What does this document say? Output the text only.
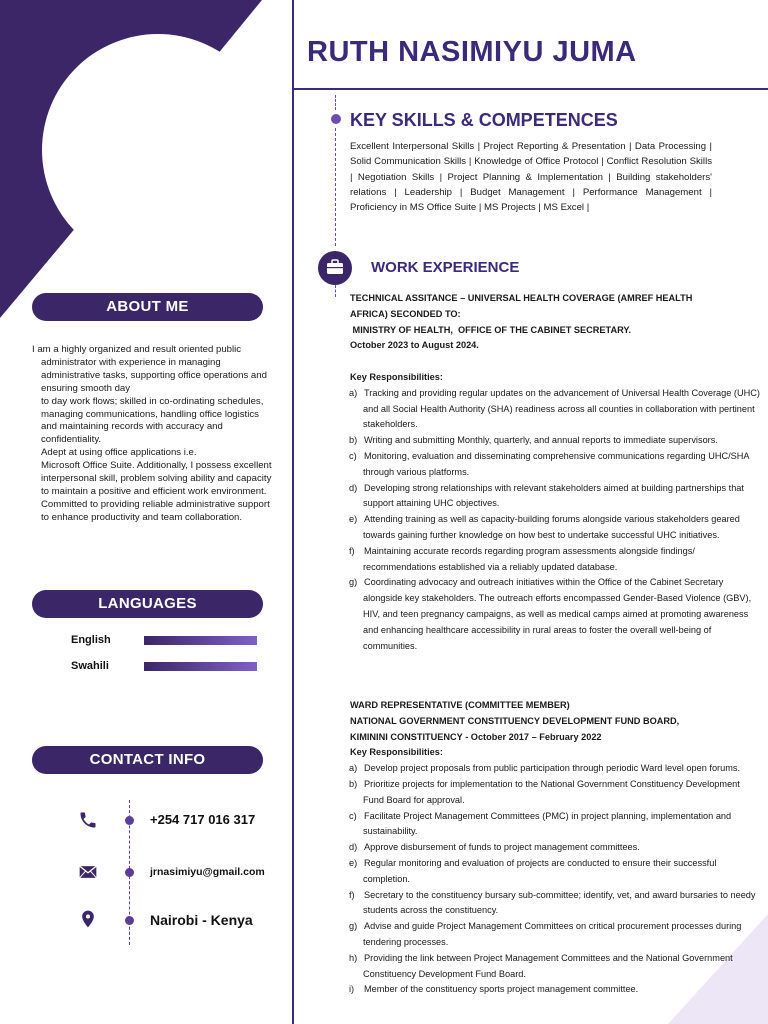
RUTH NASIMIYU JUMA
ABOUT ME

I am a highly organized and result oriented public administrator with experience in managing administrative tasks, supporting office operations and ensuring smooth day

to day work flows; skilled in co-ordinating schedules, managing communications, handling office logistics and maintaining records with accuracy and confidentiality.

Adept at using office applications i.e.

Microsoft Office Suite. Additionally, I possess excellent interpersonal skill, problem solving ability and capacity to maintain a positive and efficient work environment.

Committed to providing reliable administrative support to enhance productivity and team collaboration.

LANGUAGES
English
Swahili
CONTACT INFO
+254 717 016 317
jrnasimiyu@gmail.com
Nairobi - Kenya
KEY SKILLS & COMPETENCES
Excellent Interpersonal Skills | Project Reporting & Presentation | Data Processing | Solid Communication Skills | Knowledge of Office Protocol | Conflict Resolution Skills | Negotiation Skills | Project Planning & Implementation | Building stakeholders' relations | Leadership | Budget Management | Performance Management | Proficiency in MS Office Suite | MS Projects | MS Excel |
WORK EXPERIENCE

TECHNICAL ASSITANCE – UNIVERSAL HEALTH COVERAGE (AMREF HEALTH

AFRICA) SECONDED TO:

MINISTRY OF HEALTH,  OFFICE OF THE CABINET SECRETARY.

October 2023 to August 2024.

Key Responsibilities:

a) Tracking and providing regular updates on the advancement of Universal Health Coverage (UHC) and all Social Health Authority (SHA) readiness across all counties in collaboration with pertinent stakeholders.

b) Writing and submitting Monthly, quarterly, and annual reports to immediate supervisors.

c) Monitoring, evaluation and disseminating comprehensive communications regarding UHC/SHA through various platforms.

d) Developing strong relationships with relevant stakeholders aimed at building partnerships that support attaining UHC objectives.

e) Attending training as well as capacity-building forums alongside various stakeholders geared towards gaining further knowledge on how best to undertake successful UHC initiatives.

f) Maintaining accurate records regarding program assessments alongside findings/ recommendations established via a reliably updated database.

g) Coordinating advocacy and outreach initiatives within the Office of the Cabinet Secretary alongside key stakeholders. The outreach efforts encompassed Gender-Based Violence (GBV), HIV, and teen pregnancy campaigns, as well as medical camps aimed at promoting awareness and enhancing healthcare accessibility in rural areas to foster the overall well-being of communities.

WARD REPRESENTATIVE (COMMITTEE MEMBER)

NATIONAL GOVERNMENT CONSTITUENCY DEVELOPMENT FUND BOARD,

KIMININI CONSTITUENCY - October 2017 – February 2022

Key Responsibilities:

a) Develop project proposals from public participation through periodic Ward level open forums.

b) Prioritize projects for implementation to the National Government Constituency Development Fund Board for approval.

c) Facilitate Project Management Committees (PMC) in project planning, implementation and sustainability.

d) Approve disbursement of funds to project management committees.

e) Regular monitoring and evaluation of projects are conducted to ensure their successful completion.

f) Secretary to the constituency bursary sub-committee; identify, vet, and award bursaries to needy students across the constituency.

g) Advise and guide Project Management Committees on critical procurement processes during tendering processes.

h) Providing the link between Project Management Committees and the National Government Constituency Development Fund Board.

i) Member of the constituency sports project management committee.
